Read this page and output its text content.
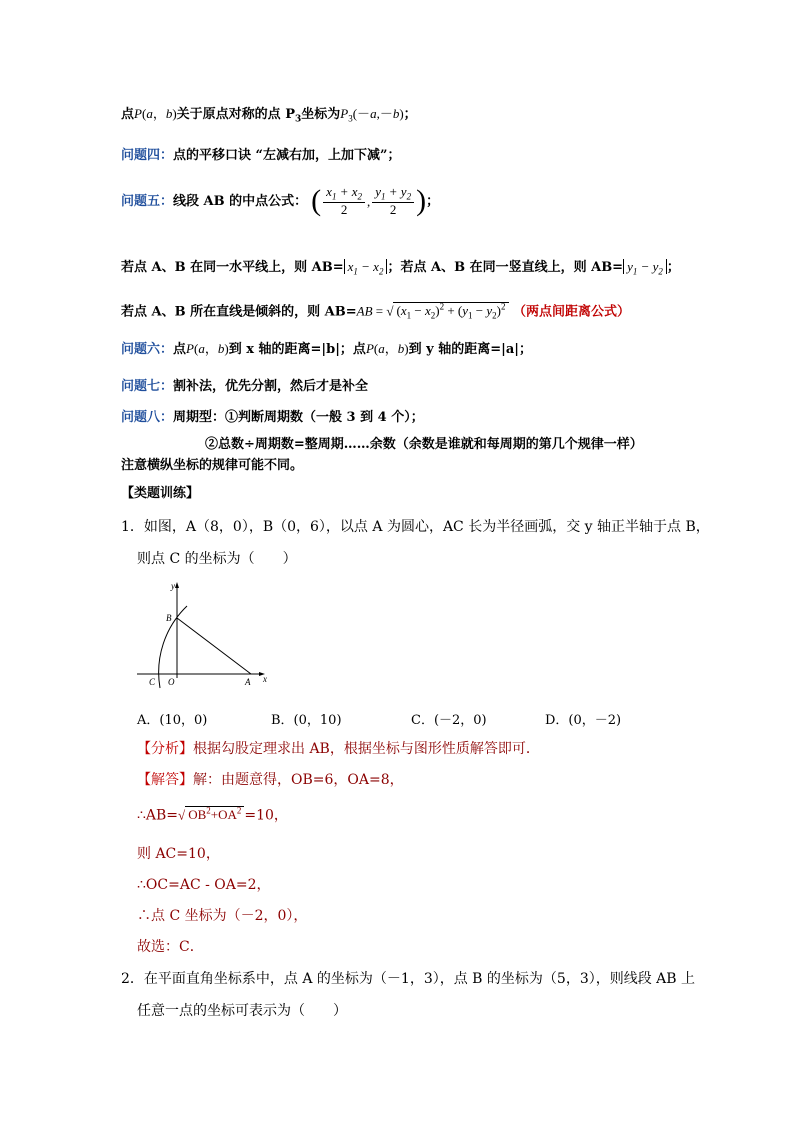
点P(a，b)关于原点对称的点 $P_3$坐标为$P_3(-a,-b)$；
问题四：点的平移口诀 “左减右加，上加下减”；
问题五： 线段 AB 的中点公式： ( $\frac{x_1 + x_2}{2}$ , $\frac{y_1 + y_2}{2}$ ) ；
若点 A、B 在同一水平线上，则 $AB= x_1 - x_2$ ；若点 A、B 在同一竖直线上，则 $AB= y_1 - y_2$ ；
若点 A、B 所在直线是倾斜的，则 AB=AB = √ $(x_1 - x_2)^2 + (y_1 - y_2)^2$ （两点间距离公式）
问题六：点P(a，b)到 x 轴的距离=|b|；点P(a，b)到 y 轴的距离=|a|；
问题七：割补法，优先分割，然后才是补全
问题八：周期型：①判断周期数（一般 3 到 4 个）；
②总数÷周期数=整周期……余数（余数是谁就和每周期的第几个规律一样）
注意横纵坐标的规律可能不同。
【类题训练】
1．如图，A（8，0），B（0，6），以点 A 为圆心，AC 长为半径画弧，交 y 轴正半轴于点 B，
则点 C 的坐标为（　　）
y
B
O
C	A x
A．(10，0)	B．(0，10)	C．(－2，0)	D．(0，－2)
【分析】根据勾股定理求出 AB，根据坐标与图形性质解答即可．
【解答】解：由题意得，OB=6，OA=8，
∴AB=√ $OB^2+OA^2 =10$，
则 AC=10，
∴OC=AC - OA=2，
∴点 C 坐标为（－2，0），
故选：C．
2．在平面直角坐标系中，点 A 的坐标为（－1，3），点 B 的坐标为（5，3），则线段 AB 上
任意一点的坐标可表示为（　　）
